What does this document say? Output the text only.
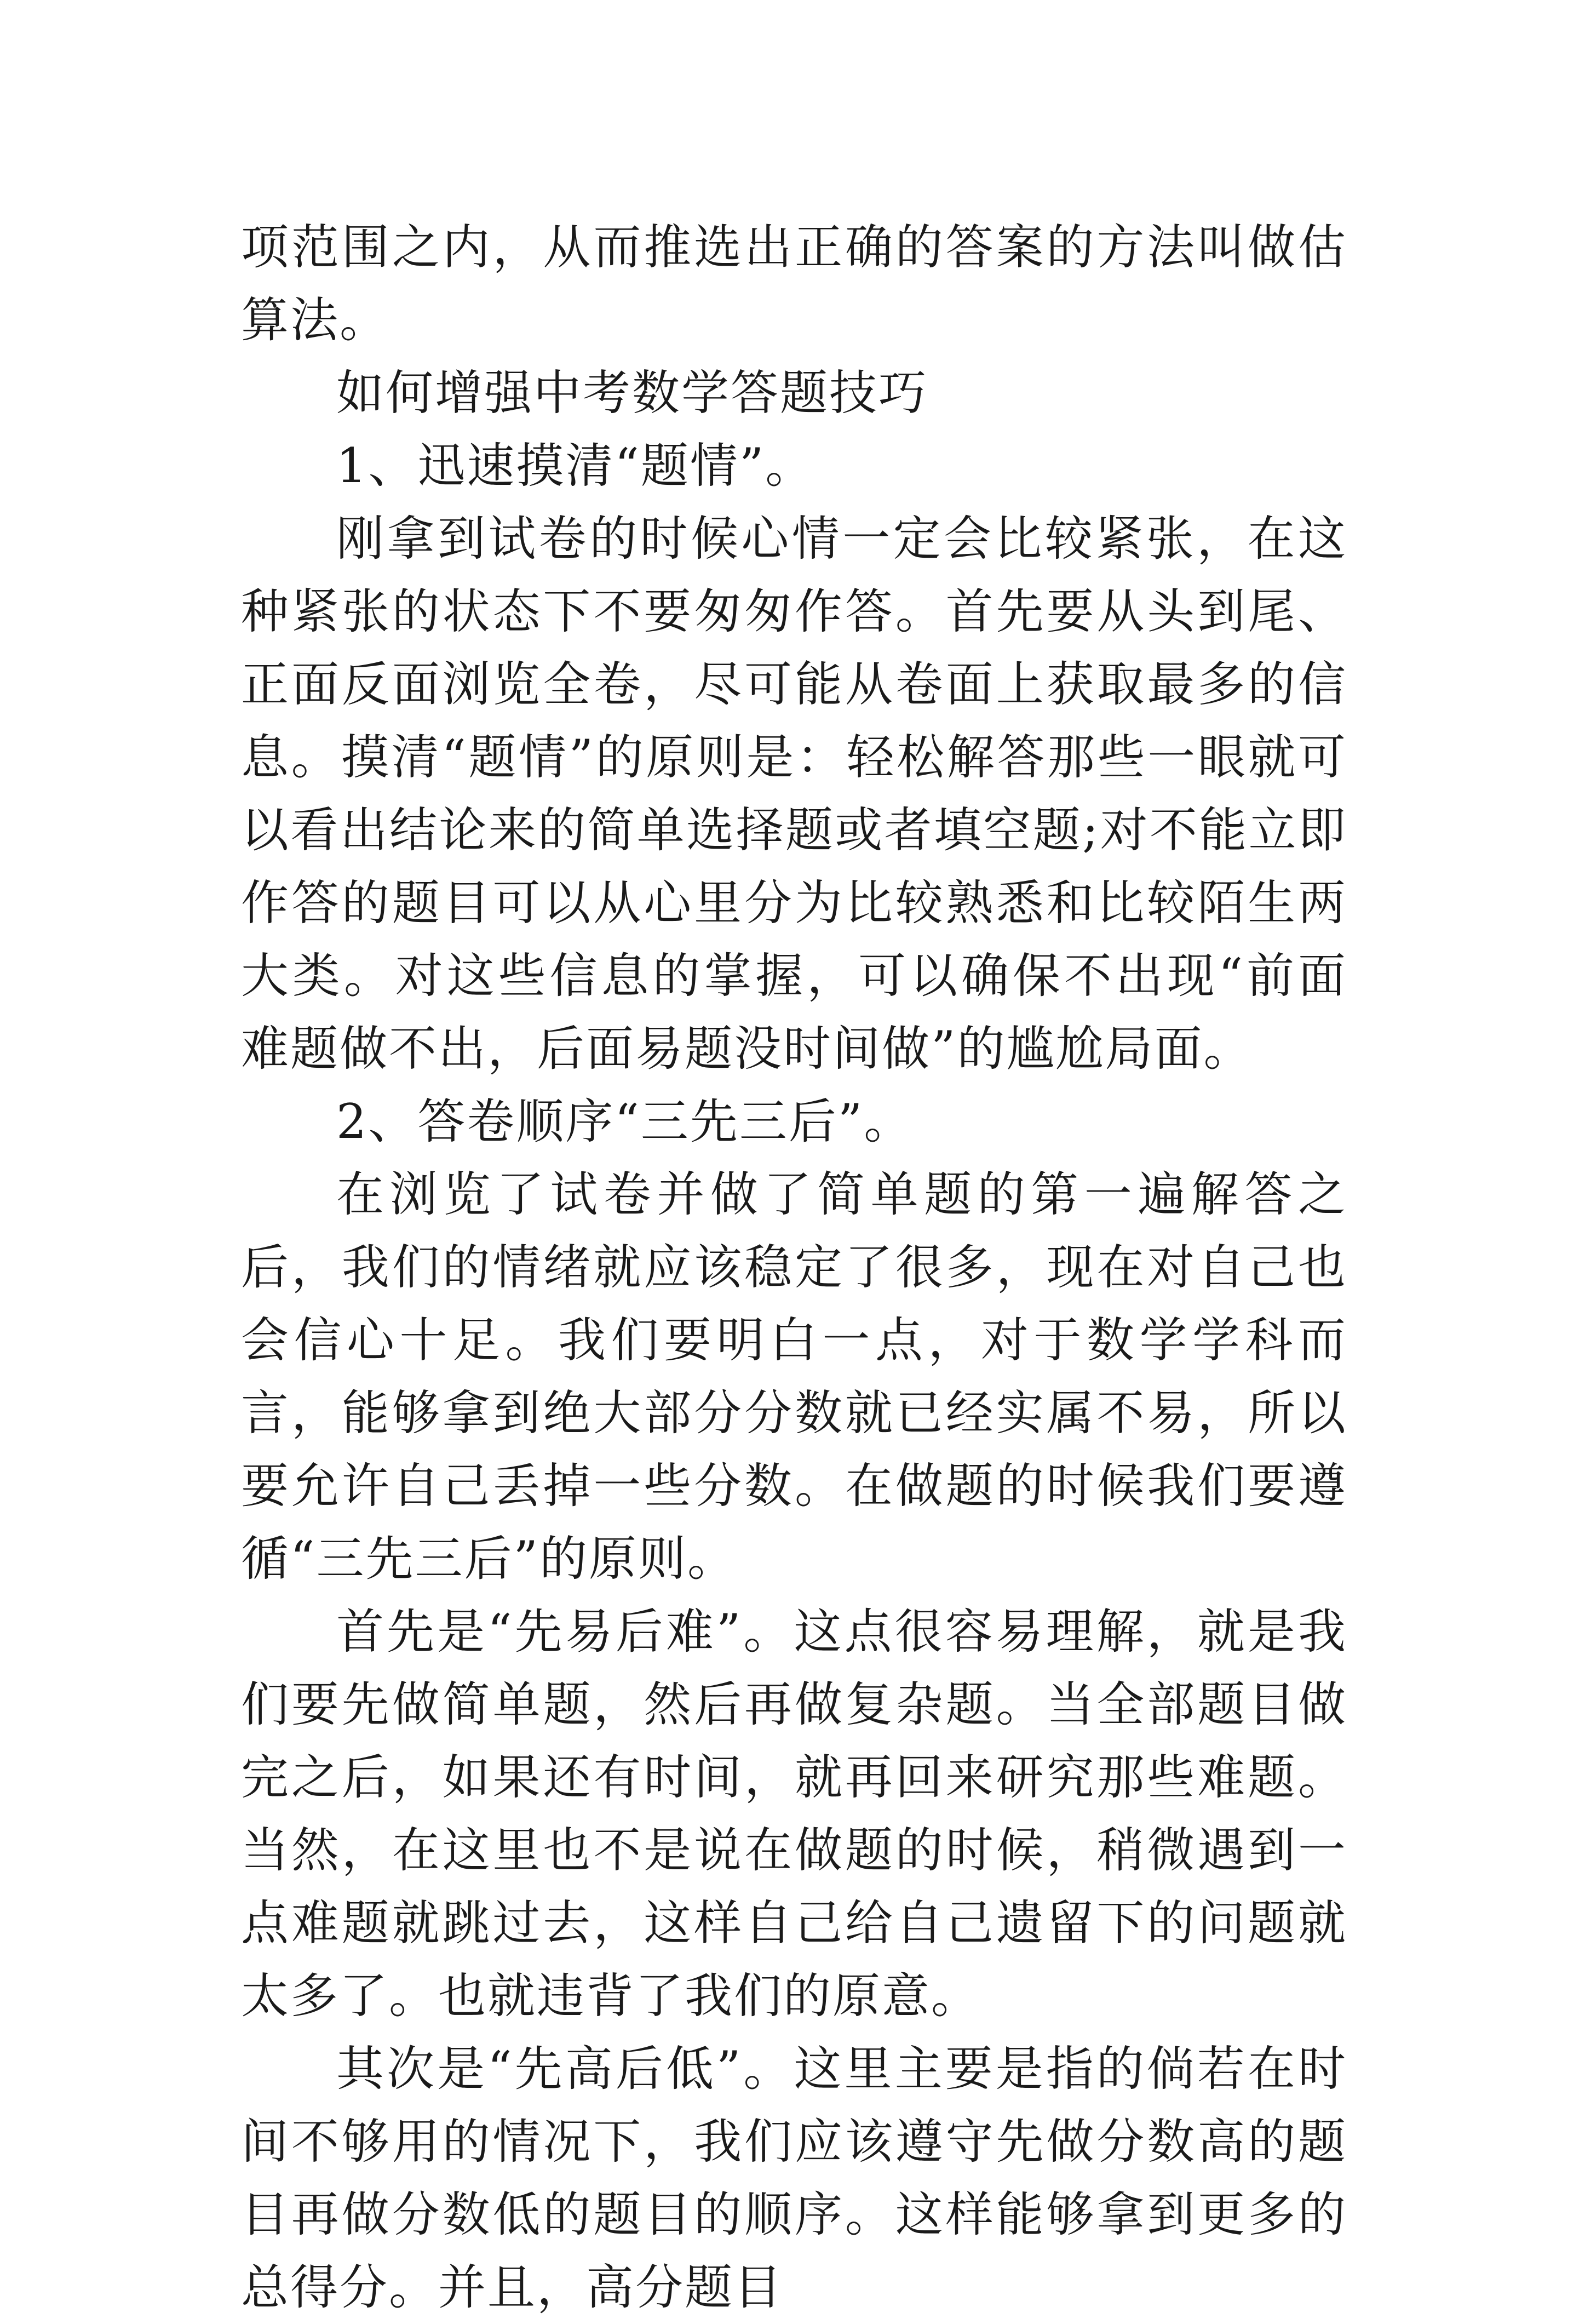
项范围之内，从而推选出正确的答案的方法叫做估算法。

如何增强中考数学答题技巧

1、迅速摸清“题情”。

刚拿到试卷的时候心情一定会比较紧张，在这种紧张的状态下不要匆匆作答。首先要从头到尾、正面反面浏览全卷，尽可能从卷面上获取最多的信息。摸清“题情”的原则是：轻松解答那些一眼就可以看出结论来的简单选择题或者填空题;对不能立即作答的题目可以从心里分为比较熟悉和比较陌生两大类。对这些信息的掌握，可以确保不出现“前面难题做不出，后面易题没时间做”的尴尬局面。

2、答卷顺序“三先三后”。

在浏览了试卷并做了简单题的第一遍解答之后，我们的情绪就应该稳定了很多，现在对自己也会信心十足。我们要明白一点，对于数学学科而言，能够拿到绝大部分分数就已经实属不易，所以要允许自己丢掉一些分数。在做题的时候我们要遵循“三先三后”的原则。

首先是“先易后难”。这点很容易理解，就是我们要先做简单题，然后再做复杂题。当全部题目做完之后，如果还有时间，就再回来研究那些难题。当然，在这里也不是说在做题的时候，稍微遇到一点难题就跳过去，这样自己给自己遗留下的问题就太多了。也就违背了我们的原意。

其次是“先高后低”。这里主要是指的倘若在时间不够用的情况下，我们应该遵守先做分数高的题目再做分数低的题目的顺序。这样能够拿到更多的总得分。并且，高分题目
